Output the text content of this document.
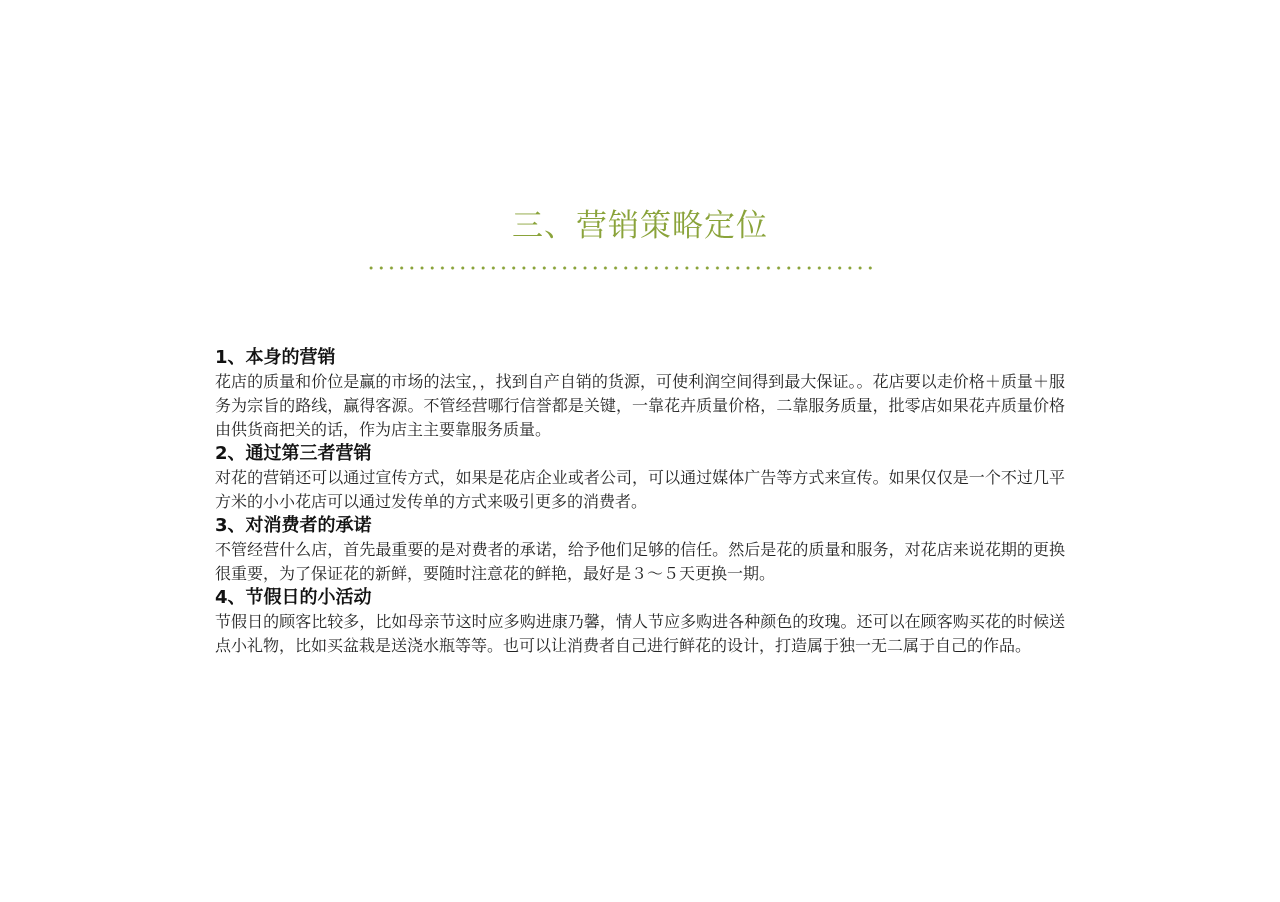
三、营销策略定位
1、本身的营销

花店的质量和价位是赢的市场的法宝，，找到自产自销的货源，可使利润空间得到最大保证。。花店要以走价格＋质量＋服务为宗旨的路线，赢得客源。不管经营哪行信誉都是关键，一靠花卉质量价格，二靠服务质量，批零店如果花卉质量价格由供货商把关的话，作为店主主要靠服务质量。

2、通过第三者营销

对花的营销还可以通过宣传方式，如果是花店企业或者公司，可以通过媒体广告等方式来宣传。如果仅仅是一个不过几平方米的小小花店可以通过发传单的方式来吸引更多的消费者。

3、对消费者的承诺

不管经营什么店，首先最重要的是对费者的承诺，给予他们足够的信任。然后是花的质量和服务，对花店来说花期的更换很重要，为了保证花的新鲜，要随时注意花的鲜艳，最好是３～５天更换一期。

4、节假日的小活动

节假日的顾客比较多，比如母亲节这时应多购进康乃馨，情人节应多购进各种颜色的玫瑰。还可以在顾客购买花的时候送点小礼物，比如买盆栽是送浇水瓶等等。也可以让消费者自己进行鲜花的设计，打造属于独一无二属于自己的作品。
